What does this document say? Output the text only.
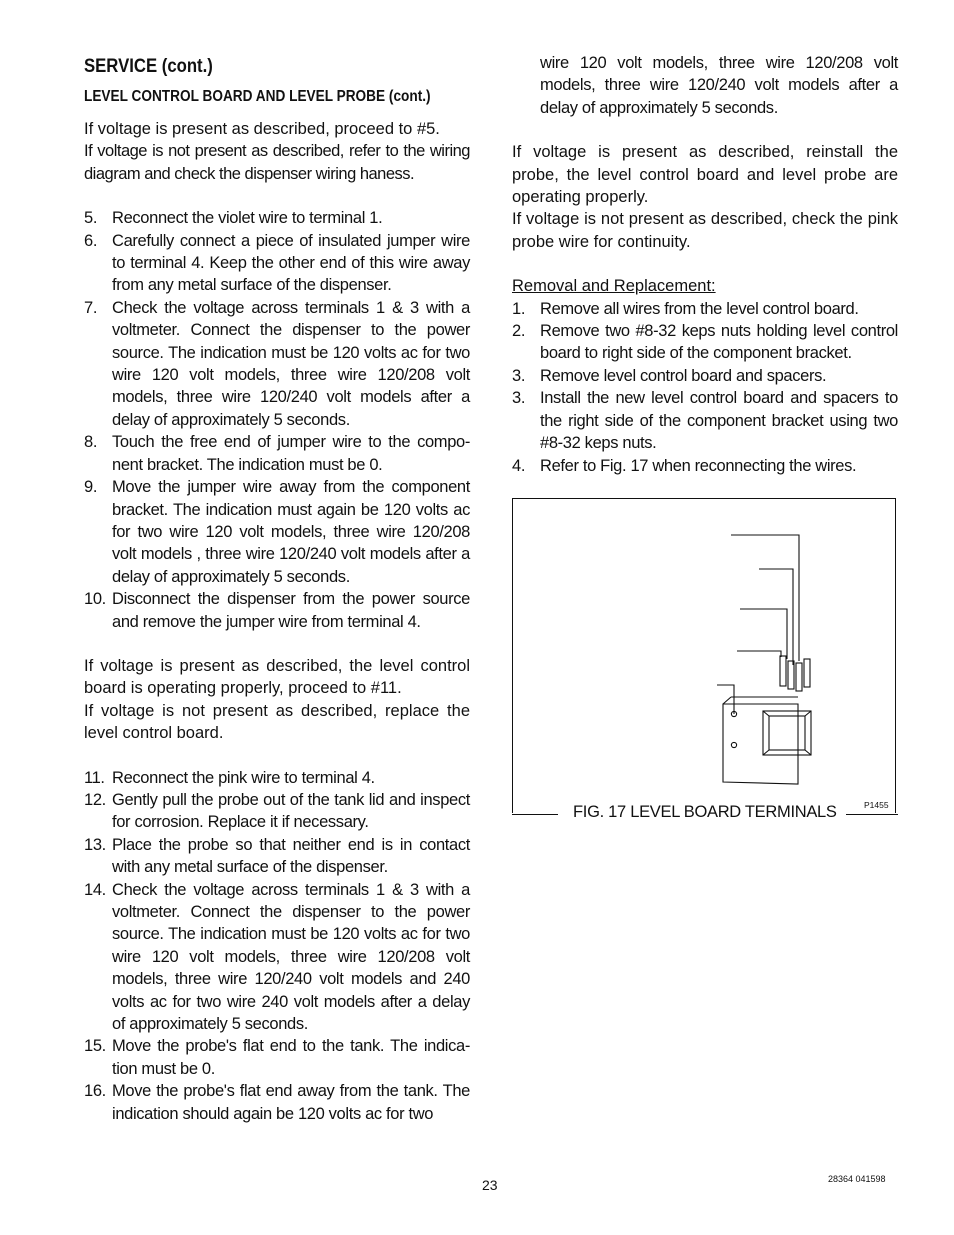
SERVICE (cont.)
LEVEL CONTROL BOARD AND LEVEL PROBE (cont.)

If voltage is present as described, proceed to #5.

If voltage is not present as described, refer to the wiring diagram and check the dispenser wiring haness.

5. Reconnect the violet wire to terminal 1.
6. Carefully connect a piece of insulated jumper wire to terminal 4. Keep the other end of this wire away from any metal surface of the dispenser.
7. Check the voltage across terminals 1 & 3 with a voltmeter. Connect the dispenser to the power source. The indication must be 120 volts ac for two wire 120 volt models, three wire 120/208 volt models, three wire 120/240 volt models after a delay of approximately 5 seconds.
8. Touch the free end of jumper wire to the compo-nent bracket. The indication must be 0.
9. Move the jumper wire away from the component bracket. The indication must again be 120 volts ac for two wire 120 volt models, three wire 120/208 volt models , three wire 120/240 volt models after a delay of approximately 5 seconds.
10. Disconnect the dispenser from the power source and remove the jumper wire from terminal 4.

If voltage is present as described, the level control board is operating properly, proceed to #11.

If voltage is not present as described, replace the level control board.

11. Reconnect the pink wire to terminal 4.
12. Gently pull the probe out of the tank lid and inspect for corrosion. Replace it if necessary.
13. Place the probe so that neither end is in contact with any metal surface of the dispenser.
14. Check the voltage across terminals 1 & 3 with a voltmeter. Connect the dispenser to the power source. The indication must be 120 volts ac for two wire 120 volt models, three wire 120/208 volt models, three wire 120/240 volt models and 240 volts ac for two wire 240 volt models after a delay of approximately 5 seconds.
15. Move the probe's flat end to the tank. The indica-tion must be 0.
16. Move the probe's flat end away from the tank. The indication should again be 120 volts ac for two

wire 120 volt models, three wire 120/208 volt models, three wire 120/240 volt models after a delay of approximately 5 seconds.

If voltage is present as described, reinstall the probe, the level control board and level probe are operating properly.

If voltage is not present as described, check the pink probe wire for continuity.

Removal and Replacement:

1. Remove all wires from the level control board.
2. Remove two #8-32 keps nuts holding level control board to right side of the component bracket.
3. Remove level control board and spacers.
3. Install the new level control board and spacers to the right side of the component bracket using two #8-32 keps nuts.
4. Refer to Fig. 17 when reconnecting the wires.
FIG. 17 LEVEL BOARD TERMINALS	P1455
23	28364 041598
